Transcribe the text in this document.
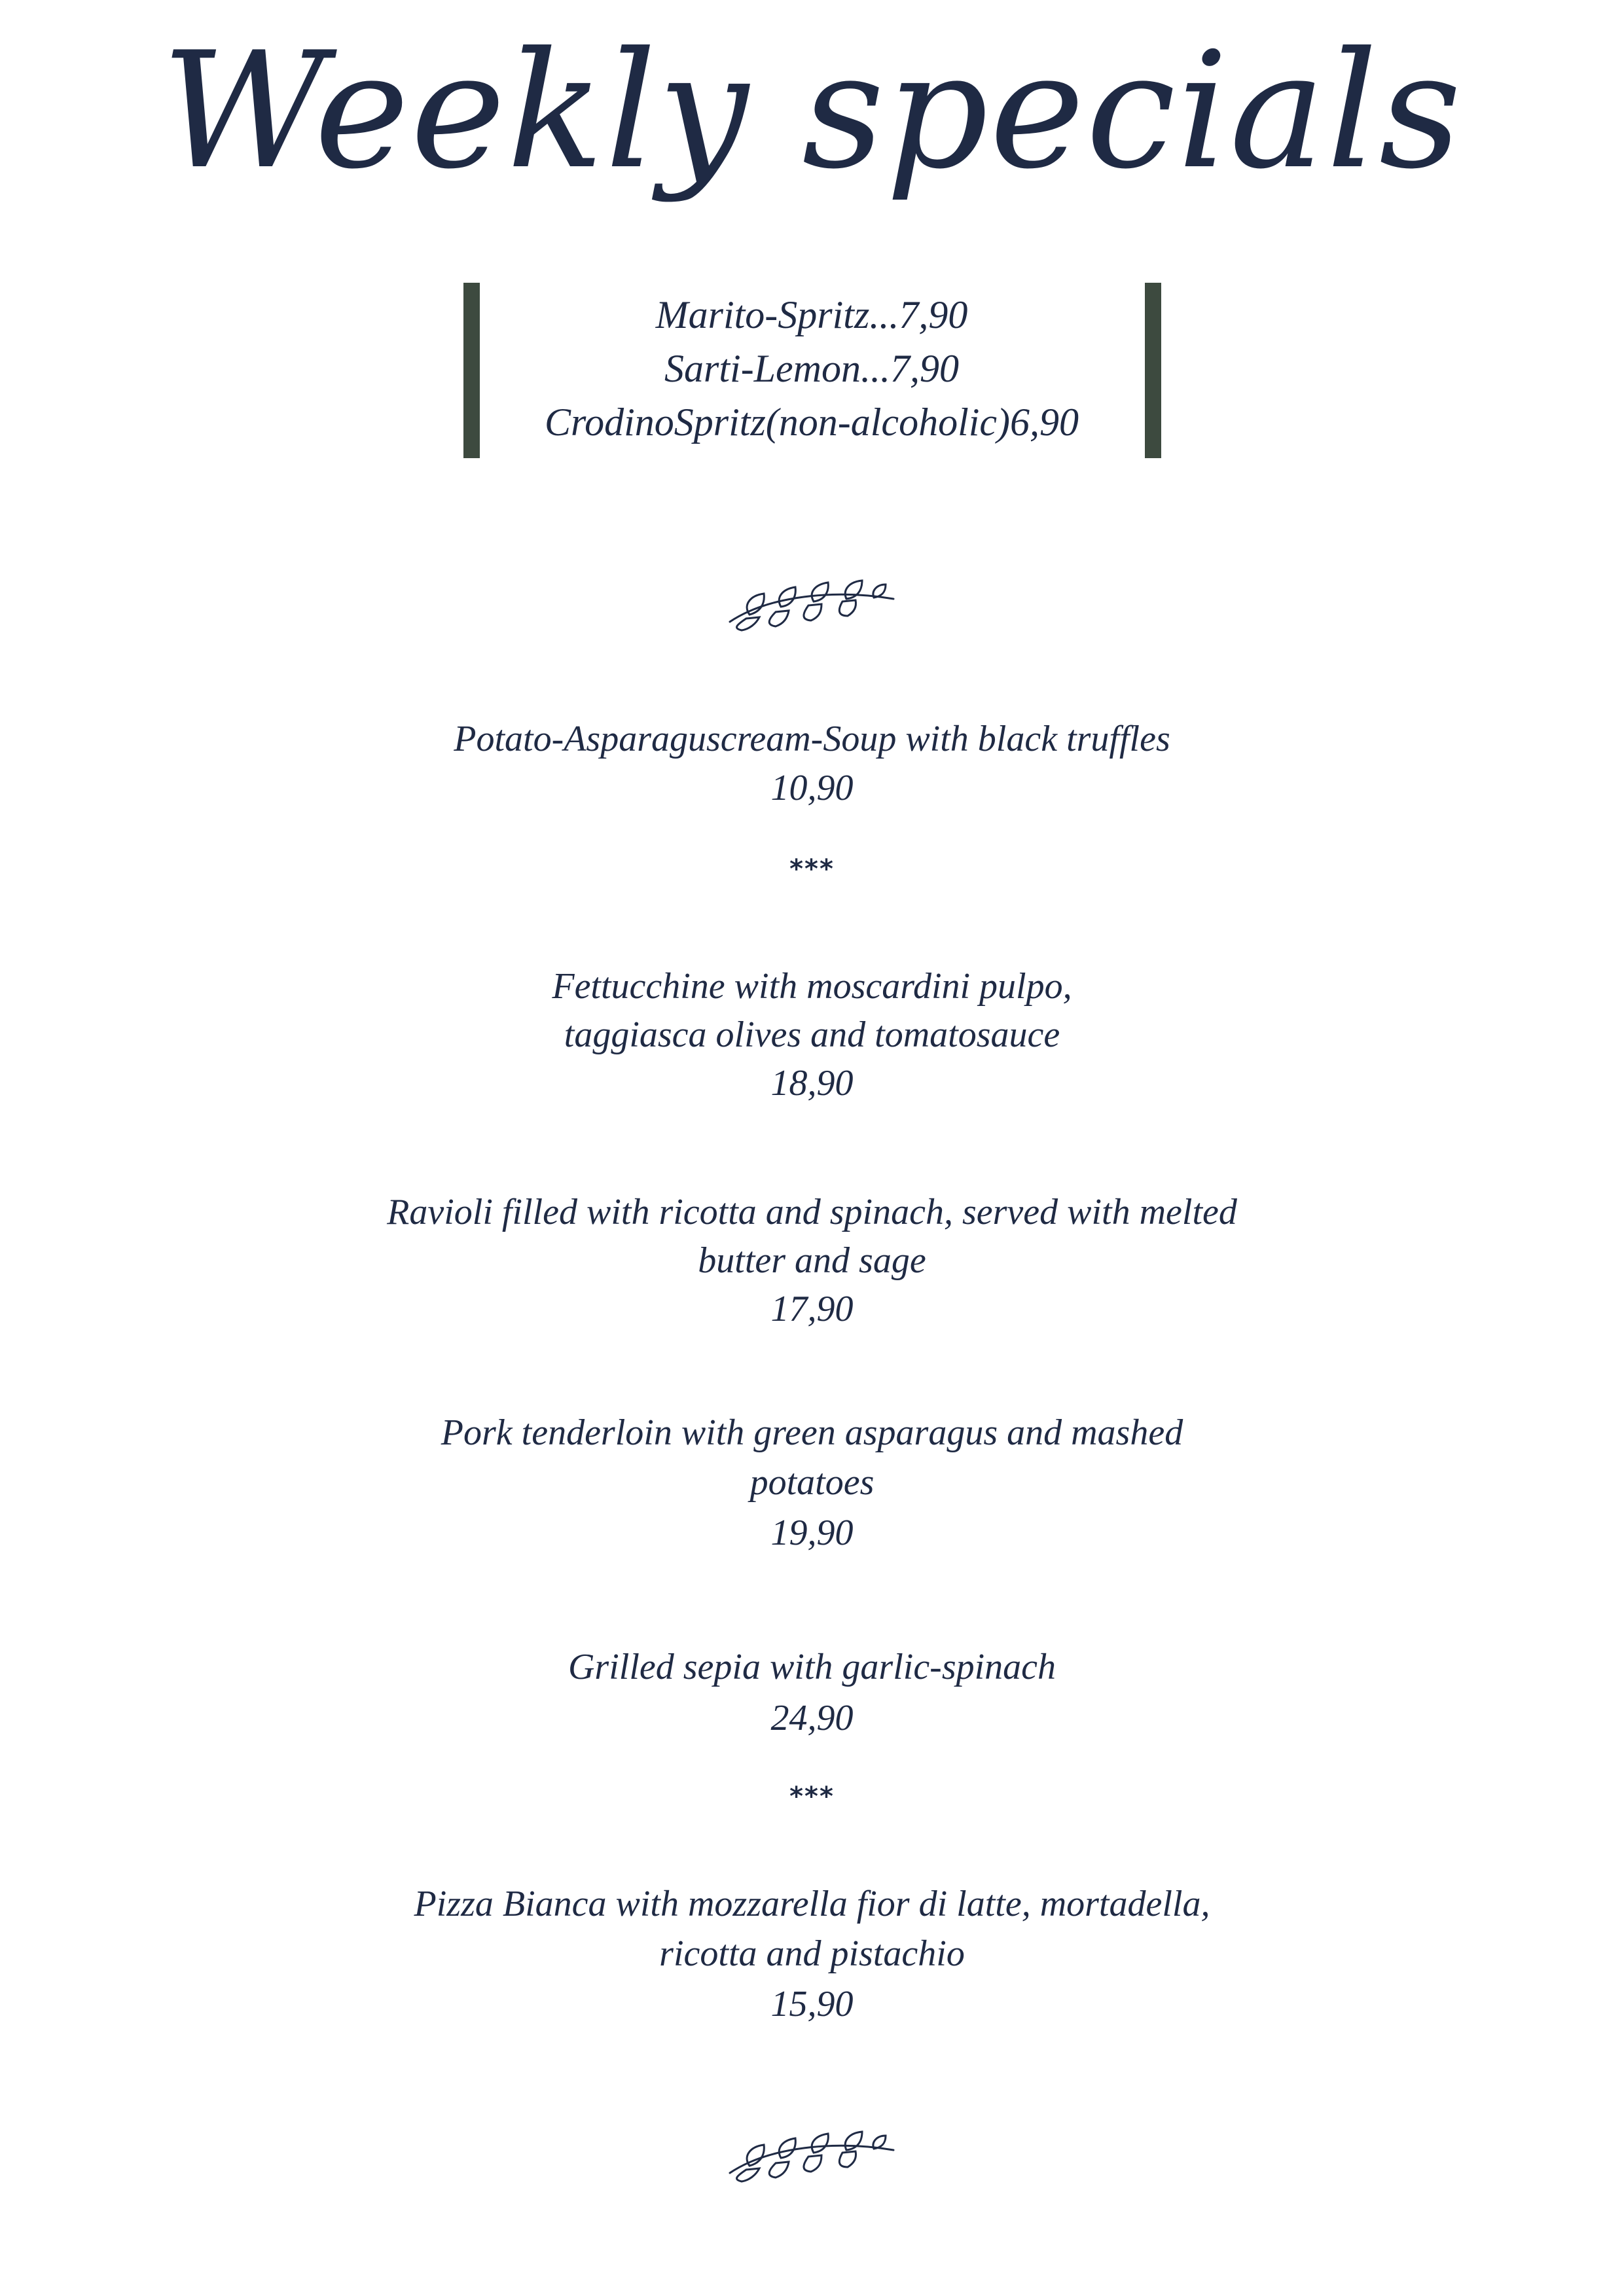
Weekly specials
Marito-Spritz...7,90
Sarti-Lemon...7,90
CrodinoSpritz(non-alcoholic)6,90
Potato-Asparaguscream-Soup with black truffles
10,90
***
Fettucchine with moscardini pulpo,
taggiasca olives and tomatosauce
18,90
Ravioli filled with ricotta and spinach, served with melted
butter and sage
17,90
Pork tenderloin with green asparagus and mashed
potatoes
19,90
Grilled sepia with garlic-spinach
24,90
***
Pizza Bianca with mozzarella fior di latte, mortadella,
ricotta and pistachio
15,90
